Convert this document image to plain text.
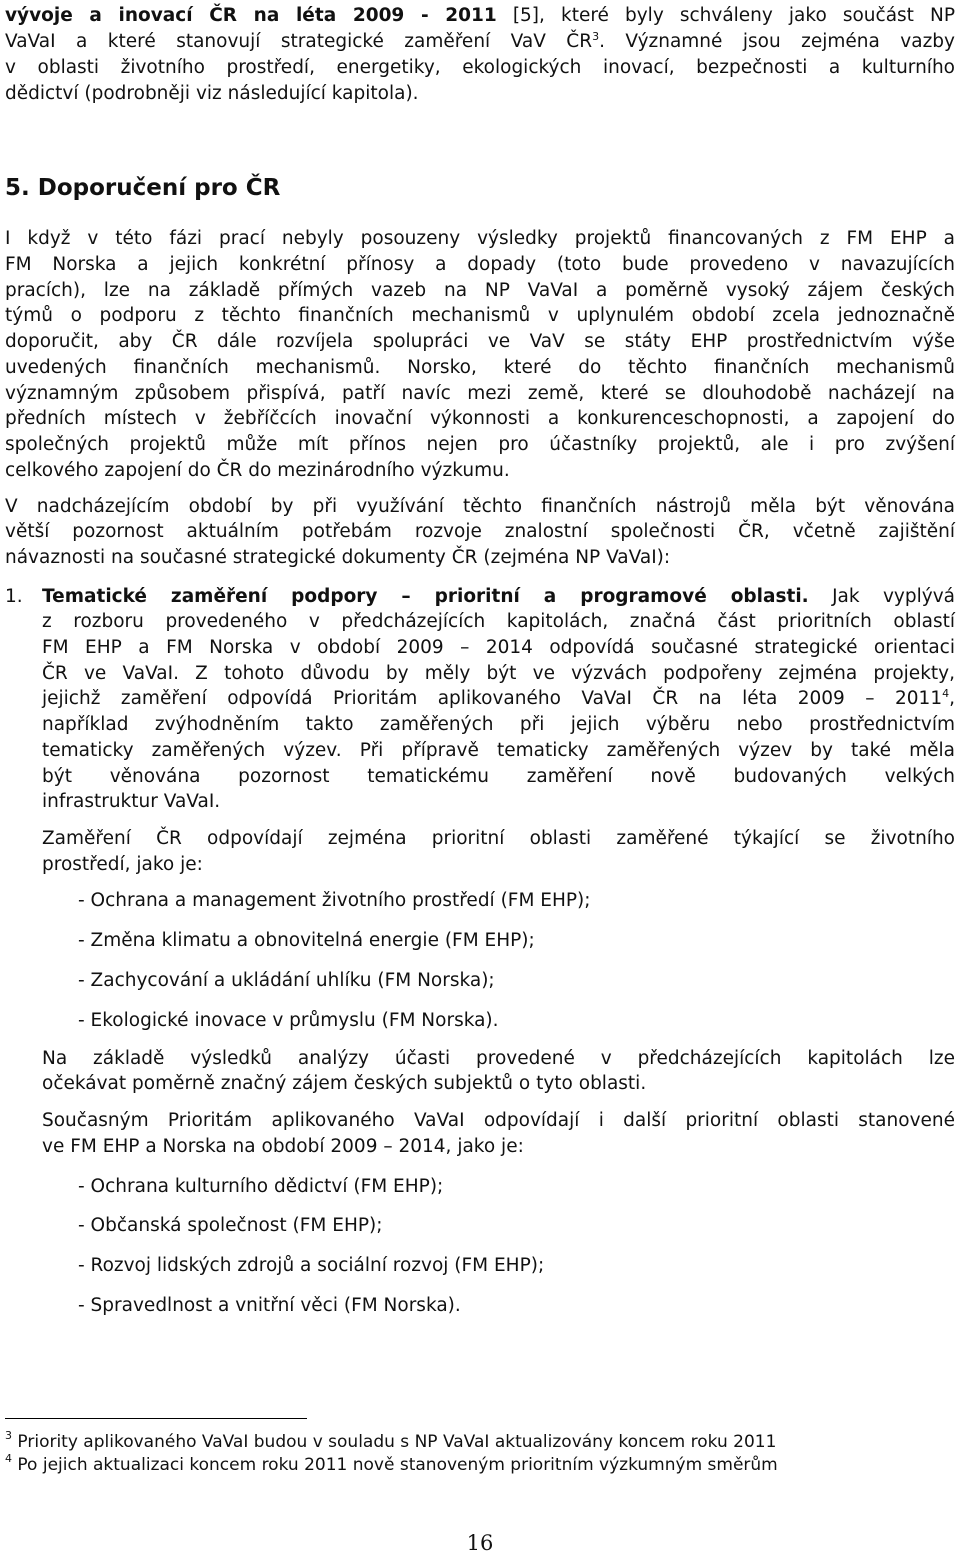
vývoje a inovací ČR na léta 2009 - 2011 [5], které byly schváleny jako součást NP
VaVaI a které stanovují strategické zaměření VaV $ČR^3$. Významné jsou zejména vazby
v oblasti životního prostředí, energetiky, ekologických inovací, bezpečnosti a kulturního
dědictví (podrobněji viz následující kapitola).
5. Doporučení pro ČR
I když v této fázi prací nebyly posouzeny výsledky projektů financovaných z FM EHP a
FM Norska a jejich konkrétní přínosy a dopady (toto bude provedeno v navazujících
pracích), lze na základě přímých vazeb na NP VaVaI a poměrně vysoký zájem českých
týmů o podporu z těchto finančních mechanismů v uplynulém období zcela jednoznačně
doporučit, aby ČR dále rozvíjela spolupráci ve VaV se státy EHP prostřednictvím výše
uvedených finančních mechanismů. Norsko, které do těchto finančních mechanismů
významným způsobem přispívá, patří navíc mezi země, které se dlouhodobě nacházejí na
předních místech v žebříčcích inovační výkonnosti a konkurenceschopnosti, a zapojení do
společných projektů může mít přínos nejen pro účastníky projektů, ale i pro zvýšení
celkového zapojení do ČR do mezinárodního výzkumu.
V nadcházejícím období by při využívání těchto finančních nástrojů měla být věnována
větší pozornost aktuálním potřebám rozvoje znalostní společnosti ČR, včetně zajištění
návaznosti na současné strategické dokumenty ČR (zejména NP VaVaI):
1. Tematické zaměření podpory – prioritní a programové oblasti. Jak vyplývá
z rozboru provedeného v předcházejících kapitolách, značná část prioritních oblastí
FM EHP a FM Norska v období 2009 – 2014 odpovídá současné strategické orientaci
ČR ve VaVaI. Z tohoto důvodu by měly být ve výzvách podpořeny zejména projekty,
jejichž zaměření odpovídá Prioritám aplikovaného VaVaI ČR na léta 2009 – 2011$^4$,
například zvýhodněním takto zaměřených při jejich výběru nebo prostřednictvím
tematicky zaměřených výzev. Při přípravě tematicky zaměřených výzev by také měla
být věnována pozornost tematickému zaměření nově budovaných velkých
infrastruktur VaVaI.
Zaměření ČR odpovídají zejména prioritní oblasti zaměřené týkající se životního
prostředí, jako je:
- Ochrana a management životního prostředí (FM EHP);
- Změna klimatu a obnovitelná energie (FM EHP);
- Zachycování a ukládání uhlíku (FM Norska);
- Ekologické inovace v průmyslu (FM Norska).
Na základě výsledků analýzy účasti provedené v předcházejících kapitolách lze
očekávat poměrně značný zájem českých subjektů o tyto oblasti.
Současným Prioritám aplikovaného VaVaI odpovídají i další prioritní oblasti stanovené
ve FM EHP a Norska na období 2009 – 2014, jako je:
- Ochrana kulturního dědictví (FM EHP);
- Občanská společnost (FM EHP);
- Rozvoj lidských zdrojů a sociální rozvoj (FM EHP);
- Spravedlnost a vnitřní věci (FM Norska).
$^3$ Priority aplikovaného VaVaI budou v souladu s NP VaVaI aktualizovány koncem roku 2011
$^4$ Po jejich aktualizaci koncem roku 2011 nově stanoveným prioritním výzkumným směrům
16
